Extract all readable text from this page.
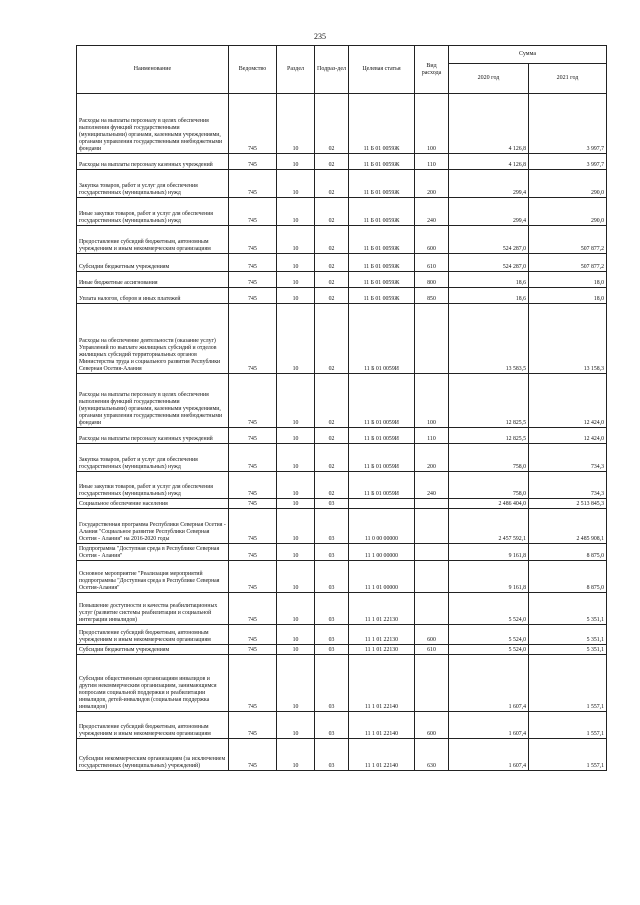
235
Наименование	Ведомство	Раздел	Подраз-дел	Целевая статья	Вид расхода	Сумма	
						2020 год	2021 год
Расходы на выплаты персоналу в целях обеспечения выполнения функций государственными (муниципальными) органами, казенными учреждениями, органами управления государственными внебюджетными фондами	745	10	02	11 Б 01 0059Ж	100	4 126,8	3 997,7
Расходы на выплаты персоналу казенных учреждений	745	10	02	11 Б 01 0059Ж	110	4 126,8	3 997,7
Закупка товаров, работ и услуг для обеспечения государственных (муниципальных) нужд	745	10	02	11 Б 01 0059Ж	200	299,4	290,0
Иные закупки товаров, работ и услуг для обеспечения государственных (муниципальных) нужд	745	10	02	11 Б 01 0059Ж	240	299,4	290,0
Предоставление субсидий бюджетным, автономным учреждениям и иным некоммерческим организациям	745	10	02	11 Б 01 0059Ж	600	524 287,0	507 877,2
Субсидии бюджетным учреждениям	745	10	02	11 Б 01 0059Ж	610	524 287,0	507 877,2
Иные бюджетные ассигнования	745	10	02	11 Б 01 0059Ж	800	18,6	18,0
Уплата налогов, сборов и иных платежей	745	10	02	11 Б 01 0059Ж	850	18,6	18,0
Расходы на обеспечение деятельности (оказание услуг) Управлений по выплате жилищных субсидий и отделов жилищных субсидий территориальных органов Министерства труда и социального развития Республики Северная Осетия-Алания	745	10	02	11 Б 01 0059И		13 583,5	13 158,3
Расходы на выплаты персоналу в целях обеспечения выполнения функций государственными (муниципальными) органами, казенными учреждениями, органами управления государственными внебюджетными фондами	745	10	02	11 Б 01 0059И	100	12 825,5	12 424,0
Расходы на выплаты персоналу казенных учреждений	745	10	02	11 Б 01 0059И	110	12 825,5	12 424,0
Закупка товаров, работ и услуг для обеспечения государственных (муниципальных) нужд	745	10	02	11 Б 01 0059И	200	758,0	734,3
Иные закупки товаров, работ и услуг для обеспечения государственных (муниципальных) нужд	745	10	02	11 Б 01 0059И	240	758,0	734,3
Социальное обеспечение населения	745	10	03			2 486 404,0	2 513 845,3
Государственная программа Республики Северная Осетия - Алания "Социальное развитие Республики Северная Осетия - Алания" на 2016-2020 годы	745	10	03	11 0 00 00000		2 457 592,1	2 485 908,1
Подпрограмма "Доступная среда в Республике Северная Осетия - Алания"	745	10	03	11 1 00 00000		9 161,8	8 875,0
Основное мероприятие "Реализация мероприятий подпрограммы "Доступная среда в Республике Северная Осетия-Алания"	745	10	03	11 1 01 00000		9 161,8	8 875,0
Повышение доступности и качества реабилитационных услуг (развитие системы реабилитации и социальной интеграции инвалидов)	745	10	03	11 1 01 22130		5 524,0	5 351,1
Предоставление субсидий бюджетным, автономным учреждениям и иным некоммерческим организациям	745	10	03	11 1 01 22130	600	5 524,0	5 351,1
Субсидии бюджетным учреждениям	745	10	03	11 1 01 22130	610	5 524,0	5 351,1
Субсидии общественным организациям инвалидов и другим некоммерческим организациям, занимающимся вопросами социальной поддержки и реабилитации инвалидов, детей-инвалидов (социальная поддержка инвалидов)	745	10	03	11 1 01 22140		1 607,4	1 557,1
Предоставление субсидий бюджетным, автономным учреждениям и иным некоммерческим организациям	745	10	03	11 1 01 22140	600	1 607,4	1 557,1
Субсидии некоммерческим организациям (за исключением государственных (муниципальных) учреждений)	745	10	03	11 1 01 22140	630	1 607,4	1 557,1
